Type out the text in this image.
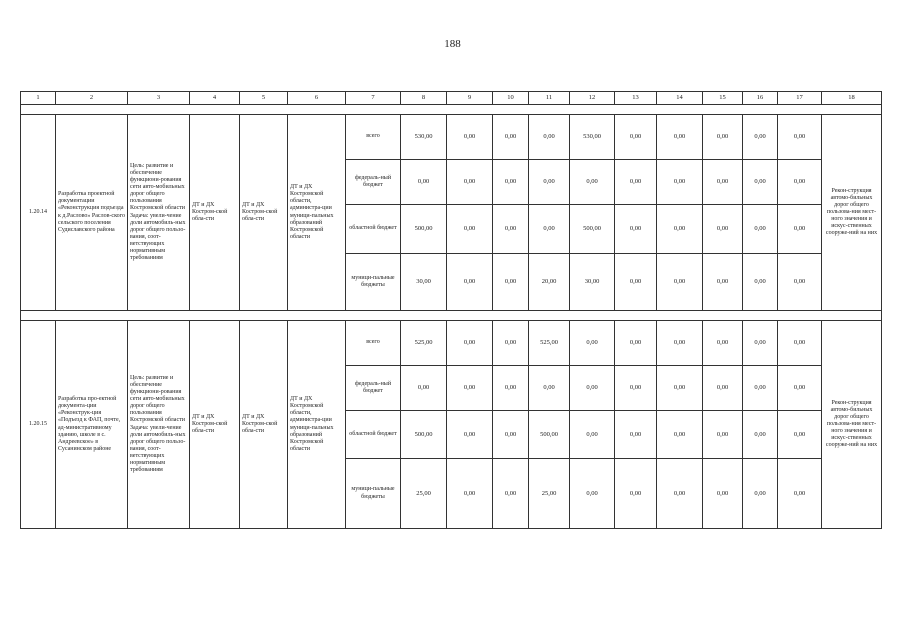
188
1	2	3	4	5	6	7	8	9	10	11	12	13	14	15	16	17	18

1.20.14	Разработка проектной документации «Реконструкция подъезда к д.Раслово» Раслов-ского сельского поселения Судиславского района	Цель: развитие и обеспечение функциони-рования сети авто-мобильных дорог общего пользования Костромской области Задача: увели-чение доли автомобиль-ных дорог общего пользо-вания, соот-ветствующих нормативным требованиям	ДТ и ДХ Костром-ской обла-сти	ДТ и ДХ Костром-ской обла-сти	ДТ и ДХ Костромской области, администра-ции муници-пальных образований Костромской области	всего	530,00	0,00	0,00	0,00	530,00	0,00	0,00	0,00	0,00	0,00	Рекон-струкция автомо-бильных дорог общего пользова-ния мест-ного значения и искус-ственных сооруже-ний на них
						федераль-ный бюджет	0,00	0,00	0,00	0,00	0,00	0,00	0,00	0,00	0,00	0,00	
						областной бюджет	500,00	0,00	0,00	0,00	500,00	0,00	0,00	0,00	0,00	0,00	
						муници-пальные бюджеты	30,00	0,00	0,00	20,00	30,00	0,00	0,00	0,00	0,00	0,00	

1.20.15	Разработка про-ектной документа-ции «Реконструк-ция «Подъезд к ФАП, почте, ад-министративному зданию, школе в с. Андреевское» в Сусанинском районе	Цель: развитие и обеспечение функциони-рования сети авто-мобильных дорог общего пользования Костромской области Задача: увели-чение доли автомобиль-ных дорог общего пользо-вания, соот-ветствующих нормативным требованиям	ДТ и ДХ Костром-ской обла-сти	ДТ и ДХ Костром-ской обла-сти	ДТ и ДХ Костромской области, администра-ции муници-пальных образований Костромской области	всего	525,00	0,00	0,00	525,00	0,00	0,00	0,00	0,00	0,00	0,00	Рекон-струкция автомо-бильных дорог общего пользова-ния мест-ного значения и искус-ственных сооруже-ний на них
						федераль-ный бюджет	0,00	0,00	0,00	0,00	0,00	0,00	0,00	0,00	0,00	0,00	
						областной бюджет	500,00	0,00	0,00	500,00	0,00	0,00	0,00	0,00	0,00	0,00	
						муници-пальные бюджеты	25,00	0,00	0,00	25,00	0,00	0,00	0,00	0,00	0,00	0,00	
